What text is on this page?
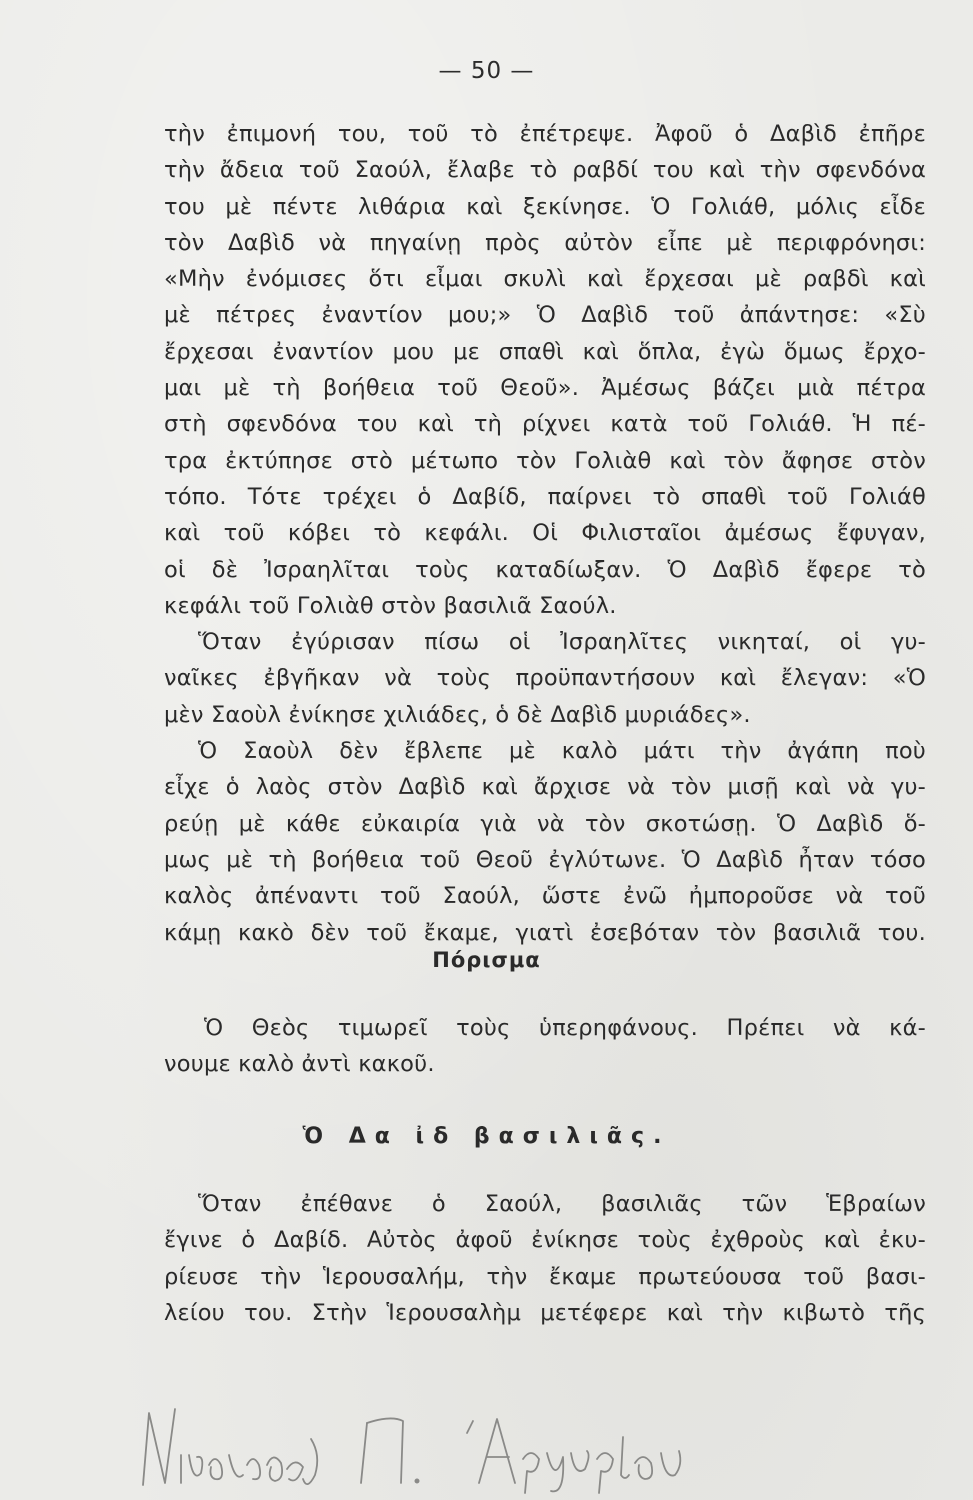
— 50 —
τὴν ἐπιμονή του, τοῦ τὸ ἐπέτρεψε. Ἀφοῦ ὁ Δαβὶδ ἐπῆρε
τὴν ἄδεια τοῦ Σαούλ, ἔλαβε τὸ ραβδί του καὶ τὴν σφενδόνα
του μὲ πέντε λιθάρια καὶ ξεκίνησε. Ὁ Γολιάθ, μόλις εἶδε
τὸν Δαβὶδ νὰ πηγαίνῃ πρὸς αὐτὸν εἶπε μὲ περιφρόνησι:
«Μὴν ἐνόμισες ὅτι εἶμαι σκυλὶ καὶ ἔρχεσαι μὲ ραβδὶ καὶ
μὲ πέτρες ἐναντίον μου;» Ὁ Δαβὶδ τοῦ ἀπάντησε: «Σὺ
ἔρχεσαι ἐναντίον μου με σπαθὶ καὶ ὅπλα, ἐγὼ ὅμως ἔρχο-
μαι μὲ τὴ βοήθεια τοῦ Θεοῦ». Ἀμέσως βάζει μιὰ πέτρα
στὴ σφενδόνα του καὶ τὴ ρίχνει κατὰ τοῦ Γολιάθ. Ἡ πέ-
τρα ἐκτύπησε στὸ μέτωπο τὸν Γολιὰθ καὶ τὸν ἄφησε στὸν
τόπο. Τότε τρέχει ὁ Δαβίδ, παίρνει τὸ σπαθὶ τοῦ Γολιάθ
καὶ τοῦ κόβει τὸ κεφάλι. Οἱ Φιλισταῖοι ἀμέσως ἔφυγαν,
οἱ δὲ Ἰσραηλῖται τοὺς καταδίωξαν. Ὁ Δαβὶδ ἔφερε τὸ
κεφάλι τοῦ Γολιὰθ στὸν βασιλιᾶ Σαούλ.
Ὅταν ἐγύρισαν πίσω οἱ Ἰσραηλῖτες νικηταί, οἱ γυ-
ναῖκες ἐβγῆκαν νὰ τοὺς προϋπαντήσουν καὶ ἔλεγαν: «Ὁ
μὲν Σαοὺλ ἐνίκησε χιλιάδες, ὁ δὲ Δαβὶδ μυριάδες».
Ὁ Σαοὺλ δὲν ἔβλεπε μὲ καλὸ μάτι τὴν ἀγάπη ποὺ
εἶχε ὁ λαὸς στὸν Δαβὶδ καὶ ἄρχισε νὰ τὸν μισῇ καὶ νὰ γυ-
ρεύῃ μὲ κάθε εὐκαιρία γιὰ νὰ τὸν σκοτώσῃ. Ὁ Δαβὶδ ὅ-
μως μὲ τὴ βοήθεια τοῦ Θεοῦ ἐγλύτωνε. Ὁ Δαβὶδ ἦταν τόσο
καλὸς ἀπέναντι τοῦ Σαούλ, ὥστε ἐνῶ ἠμποροῦσε νὰ τοῦ
κάμῃ κακὸ δὲν τοῦ ἔκαμε, γιατὶ ἐσεβόταν τὸν βασιλιᾶ του.
Πόρισμα
Ὁ Θεὸς τιμωρεῖ τοὺς ὑπερηφάνους. Πρέπει νὰ κά-
νουμε καλὸ ἀντὶ κακοῦ.
Ὁ Δα ἰδ βασιλιᾶς.
Ὅταν ἐπέθανε ὁ Σαούλ, βασιλιᾶς τῶν Ἑβραίων
ἔγινε ὁ Δαβίδ. Αὐτὸς ἀφοῦ ἐνίκησε τοὺς ἐχθροὺς καὶ ἐκυ-
ρίευσε τὴν Ἱερουσαλήμ, τὴν ἔκαμε πρωτεύουσα τοῦ βασι-
λείου του. Στὴν Ἱερουσαλὴμ μετέφερε καὶ τὴν κιβωτὸ τῆς
